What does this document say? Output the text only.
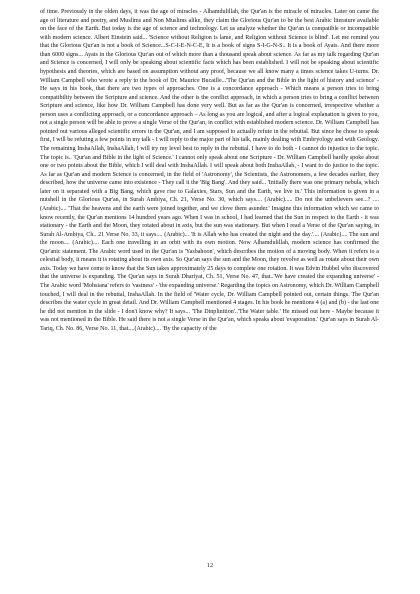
of time. Previously in the olden days, it was the age of miracles - Alhamdulillah, the Qur'an is the miracle of miracles. Later on came the age of literature and poetry, and Muslims and Non Muslims alike, they claim the Glorious Qur'an to be the best Arabic literature available on the face of the Earth. But today is the age of science and technology. Let us analyze whether the Qur'an is compatible or incompatible with modern science. Albert Einstein said... 'Science without Religion is lame, and Religion without Science is blind'. Let me remind you that the Glorious Qur'an is not a book of Science...S-C-I-E-N-C-E, It is a book of signs S-I-G-N-S.. It is a book of Ayats. And there more than 6000 signs... Ayats in the Glorious Qur'an out of which more than a thousand speak about science. As far as my talk regarding Qur'an and Science is concerned, I will only be speaking about scientific facts which has been established. I will not be speaking about scientific hypothesis and theories, which are based on assumption without any proof, because we all know many a times science takes U-turns. Dr. William Campbell who wrote a reply to the book of Dr. Maurice Bucaille...'The Qur'an and the Bible in the light of history and science' - He says in his book, that there are two types of approaches. One is a concordance approach - Which means a person tries to bring compatibility between the Scripture and science. And the other is the conflict approach, in which a person tries to bring a conflict between Scripture and science, like how Dr. William Campbell has done very well. But as far as the Qur'an is concerned, irrespective whether a person uses a conflicting approach, or a concordance approach – As long as you are logical, and after a logical explanation is given to you, not a single person will be able to prove a single Verse of the Qur'an, in conflict with established modern science. Dr. William Campbell has pointed out various alleged scientific errors in the Qur'an, and I am supposed to actually refute in the rebuttal. But since he chose to speak first, I will be refuting a few points in my talk - I will reply to the major part of his talk, mainly dealing with Embryology and with Geology. The remaining InshaAllah, InshaAllah, I will try my level best to reply in the rebuttal. I have to do both - I cannot do injustice to the topic. The topic is.. 'Qur'an and Bible in the light of Science.' I cannot only speak about one Scripture - Dr. William Campbell hardly spoke about one or two points about the Bible, which I will deal with InshaAllah. I will speak about both InshaAllah, - I want to do justice to the topic. As far as Qur'an and modern Science is concerned, in the field of 'Astronomy', the Scientists, the Astronomers, a few decades earlier, they described, how the universe came into existence - They call it the 'Big Bang'. And they said... 'Initially there was one primary nebula, which later on it separated with a Big Bang, which gave rise to Galaxies, Stars, Sun and the Earth, we live in.' This information is given in a nutshell in the Glorious Qur'an, in Surah Ambiya, Ch. 21, Verse No. 30, which says.... (Arabic)..... Do not the unbelievers see...? .... (Arabic).... 'That the heavens and the earth were joined together, and we clove them asunder.' Imagine this information which we came to know recently, the Qur'an mentions 14 hundred years ago. When I was in school, I had learned that the Sun in respect to the Earth - it was stationary - the Earth and the Moon, they rotated about in axis, but the sun was stationary. But when I read a Verse of the Qur'an saying, in Surah Al-Ambiya, Ch.. 21 Verse No. 33, it says.... (Arabic)... 'It is Allah who has created the night and the day.'.... (Arabic).... The sun and the moon.... (Arabic).... Each one travelling in an orbit with its own motion. Now Alhamdulillah, modern science has confirmed the Qur'anic statement. The Arabic word used in the Qur'an is 'Yasbahoon', which describes the motion of a moving body. When it refers to a celestial body, it means it is rotating about its own axis. So Qur'an says the sun and the Moon, they revolve as well as rotate about their own axis. Today we have come to know that the Sun takes approximately 25 days to complete one rotation. It was Edvin Hubbel who discovered that the universe is expanding. The Qur'an says in Surah Dhariyat, Ch. 51, Verse No. 47, that..'We have created the expanding universe' - The Arabic word 'Mohsiana' refers to 'vastness' - 'the expanding universe.' Regarding the topics on Astronomy, which Dr. William Campbell touched, I will deal in the rebuttal, InshaAllah. In the field of 'Water cycle, Dr. William Campbell pointed out, certain things. The Qur'an describes the water cycle in great detail. And Dr. William Campbell mentioned 4 stages. In his book he mentions 4 (a) and (b) - the last one he did not mention in the slide - I don't know why? It says... 'The Dinplinition'..'The Water table.' He missed out here - Maybe because it was not mentioned in the Bible. He said there is not a single Verse in the Qur'an, which speaks about 'evaporation.' Qur'an says in Surah Al-Tariq, Ch. No. 86, Verse No. 11, that....(Arabic).... 'By the capacity of the

12
